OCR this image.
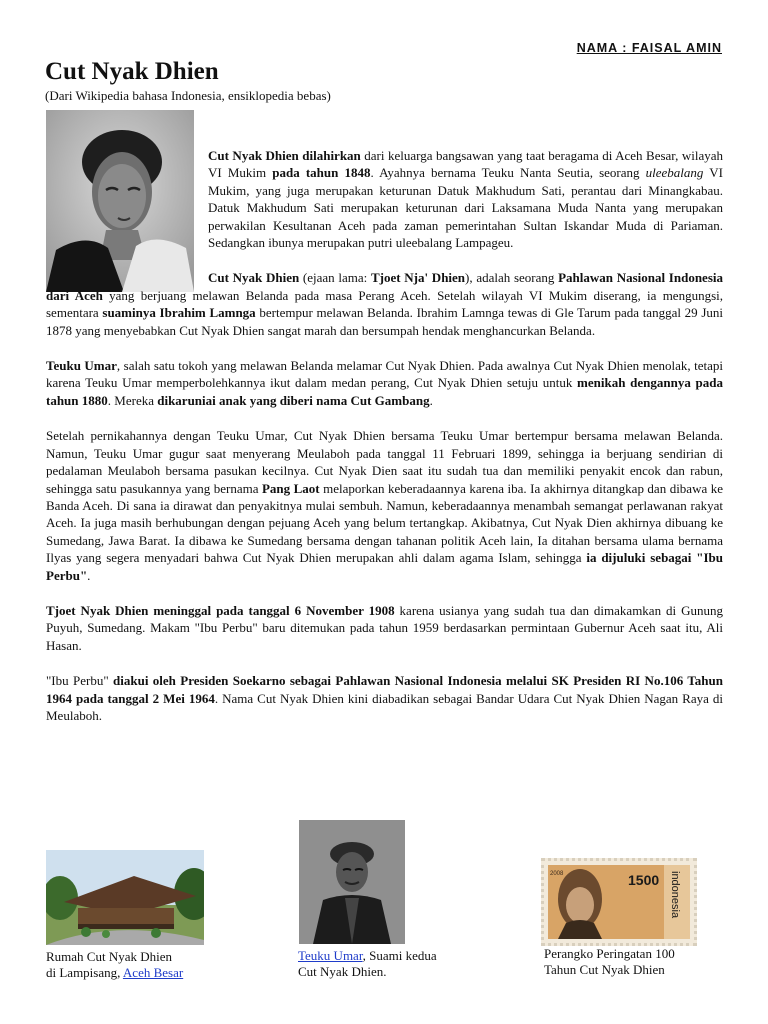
NAMA : FAISAL AMIN
Cut Nyak Dhien
(Dari Wikipedia bahasa Indonesia, ensiklopedia bebas)

Cut Nyak Dhien dilahirkan dari keluarga bangsawan yang taat beragama di Aceh Besar, wilayah VI Mukim pada tahun 1848. Ayahnya bernama Teuku Nanta Seutia, seorang uleebalang VI Mukim, yang juga merupakan keturunan Datuk Makhudum Sati, perantau dari Minangkabau. Datuk Makhudum Sati merupakan keturunan dari Laksamana Muda Nanta yang merupakan perwakilan Kesultanan Aceh pada zaman pemerintahan Sultan Iskandar Muda di Pariaman. Sedangkan ibunya merupakan putri uleebalang Lampageu.

Cut Nyak Dhien (ejaan lama: Tjoet Nja' Dhien), adalah seorang Pahlawan Nasional Indonesia dari Aceh yang berjuang melawan Belanda pada masa Perang Aceh. Setelah wilayah VI Mukim diserang, ia mengungsi, sementara suaminya Ibrahim Lamnga bertempur melawan Belanda. Ibrahim Lamnga tewas di Gle Tarum pada tanggal 29 Juni 1878 yang menyebabkan Cut Nyak Dhien sangat marah dan bersumpah hendak menghancurkan Belanda.

Teuku Umar, salah satu tokoh yang melawan Belanda melamar Cut Nyak Dhien. Pada awalnya Cut Nyak Dhien menolak, tetapi karena Teuku Umar memperbolehkannya ikut dalam medan perang, Cut Nyak Dhien setuju untuk menikah dengannya pada tahun 1880. Mereka dikaruniai anak yang diberi nama Cut Gambang.

Setelah pernikahannya dengan Teuku Umar, Cut Nyak Dhien bersama Teuku Umar bertempur bersama melawan Belanda. Namun, Teuku Umar gugur saat menyerang Meulaboh pada tanggal 11 Februari 1899, sehingga ia berjuang sendirian di pedalaman Meulaboh bersama pasukan kecilnya. Cut Nyak Dien saat itu sudah tua dan memiliki penyakit encok dan rabun, sehingga satu pasukannya yang bernama Pang Laot melaporkan keberadaannya karena iba. Ia akhirnya ditangkap dan dibawa ke Banda Aceh. Di sana ia dirawat dan penyakitnya mulai sembuh. Namun, keberadaannya menambah semangat perlawanan rakyat Aceh. Ia juga masih berhubungan dengan pejuang Aceh yang belum tertangkap. Akibatnya, Cut Nyak Dien akhirnya dibuang ke Sumedang, Jawa Barat. Ia dibawa ke Sumedang bersama dengan tahanan politik Aceh lain, Ia ditahan bersama ulama bernama Ilyas yang segera menyadari bahwa Cut Nyak Dhien merupakan ahli dalam agama Islam, sehingga ia dijuluki sebagai "Ibu Perbu".

Tjoet Nyak Dhien meninggal pada tanggal 6 November 1908 karena usianya yang sudah tua dan dimakamkan di Gunung Puyuh, Sumedang. Makam "Ibu Perbu" baru ditemukan pada tahun 1959 berdasarkan permintaan Gubernur Aceh saat itu, Ali Hasan.

"Ibu Perbu" diakui oleh Presiden Soekarno sebagai Pahlawan Nasional Indonesia melalui SK Presiden RI No.106 Tahun 1964 pada tanggal 2 Mei 1964. Nama Cut Nyak Dhien kini diabadikan sebagai Bandar Udara Cut Nyak Dhien Nagan Raya di Meulaboh.

Rumah Cut Nyak Dhien
di Lampisang, Aceh Besar
Teuku Umar, Suami kedua
Cut Nyak Dhien.
2008	1500 indonesia
Perangko Peringatan 100
Tahun Cut Nyak Dhien
